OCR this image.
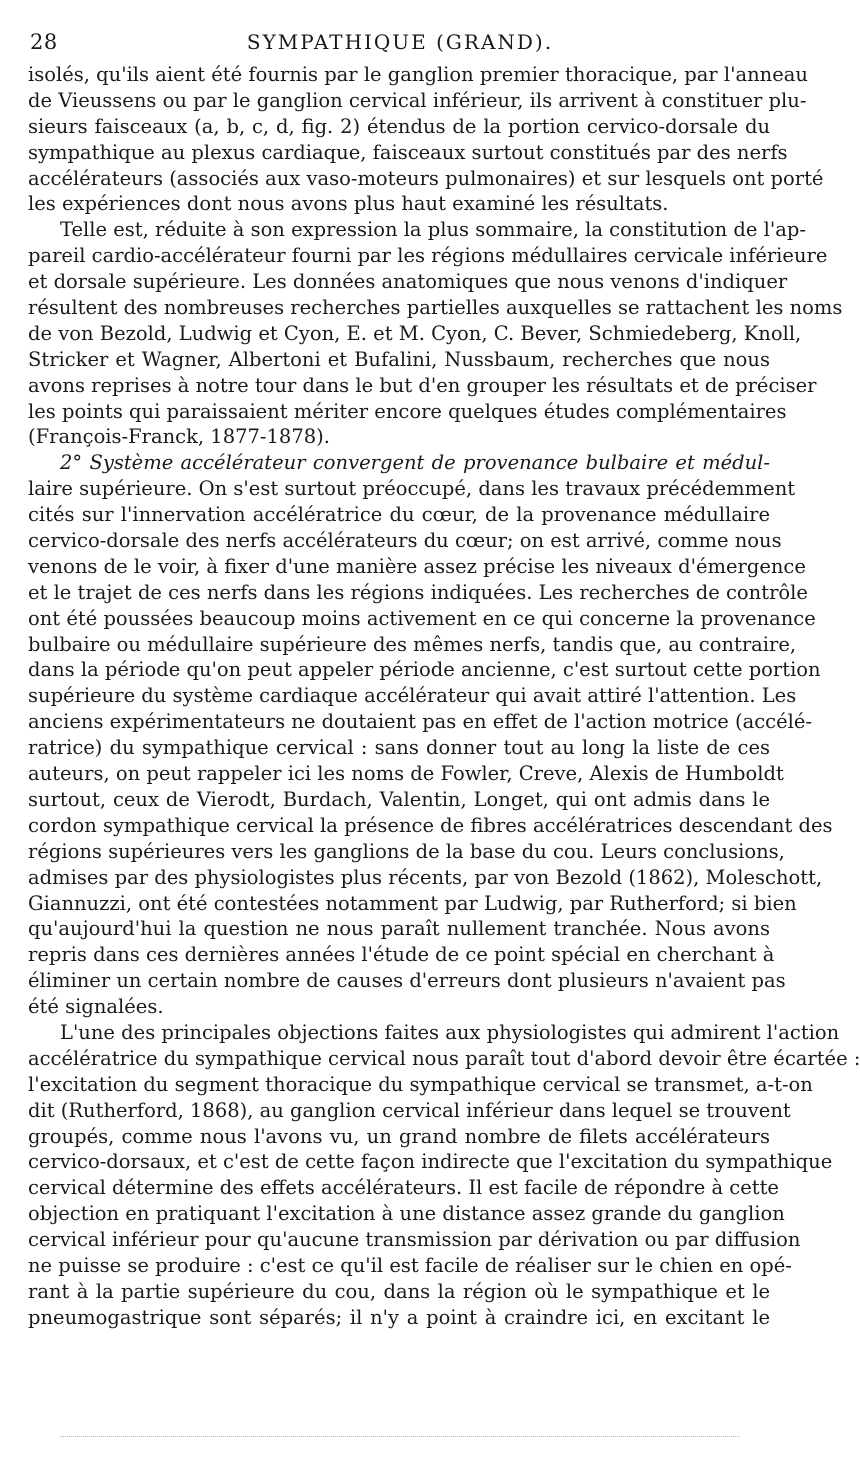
28	SYMPATHIQUE (GRAND).
isolés, qu'ils aient été fournis par le ganglion premier thoracique, par l'anneau
de Vieussens ou par le ganglion cervical inférieur, ils arrivent à constituer plu-
sieurs faisceaux (a, b, c, d, fig. 2) étendus de la portion cervico-dorsale du
sympathique au plexus cardiaque, faisceaux surtout constitués par des nerfs
accélérateurs (associés aux vaso-moteurs pulmonaires) et sur lesquels ont porté
les expériences dont nous avons plus haut examiné les résultats.
Telle est, réduite à son expression la plus sommaire, la constitution de l'ap-
pareil cardio-accélérateur fourni par les régions médullaires cervicale inférieure
et dorsale supérieure. Les données anatomiques que nous venons d'indiquer
résultent des nombreuses recherches partielles auxquelles se rattachent les noms
de von Bezold, Ludwig et Cyon, E. et M. Cyon, C. Bever, Schmiedeberg, Knoll,
Stricker et Wagner, Albertoni et Bufalini, Nussbaum, recherches que nous
avons reprises à notre tour dans le but d'en grouper les résultats et de préciser
les points qui paraissaient mériter encore quelques études complémentaires
(François-Franck, 1877-1878).
2° Système accélérateur convergent de provenance bulbaire et médul-
laire supérieure. On s'est surtout préoccupé, dans les travaux précédemment
cités sur l'innervation accélératrice du cœur, de la provenance médullaire
cervico-dorsale des nerfs accélérateurs du cœur; on est arrivé, comme nous
venons de le voir, à fixer d'une manière assez précise les niveaux d'émergence
et le trajet de ces nerfs dans les régions indiquées. Les recherches de contrôle
ont été poussées beaucoup moins activement en ce qui concerne la provenance
bulbaire ou médullaire supérieure des mêmes nerfs, tandis que, au contraire,
dans la période qu'on peut appeler période ancienne, c'est surtout cette portion
supérieure du système cardiaque accélérateur qui avait attiré l'attention. Les
anciens expérimentateurs ne doutaient pas en effet de l'action motrice (accélé-
ratrice) du sympathique cervical : sans donner tout au long la liste de ces
auteurs, on peut rappeler ici les noms de Fowler, Creve, Alexis de Humboldt
surtout, ceux de Vierodt, Burdach, Valentin, Longet, qui ont admis dans le
cordon sympathique cervical la présence de fibres accélératrices descendant des
régions supérieures vers les ganglions de la base du cou. Leurs conclusions,
admises par des physiologistes plus récents, par von Bezold (1862), Moleschott,
Giannuzzi, ont été contestées notamment par Ludwig, par Rutherford; si bien
qu'aujourd'hui la question ne nous paraît nullement tranchée. Nous avons
repris dans ces dernières années l'étude de ce point spécial en cherchant à
éliminer un certain nombre de causes d'erreurs dont plusieurs n'avaient pas
été signalées.
L'une des principales objections faites aux physiologistes qui admirent l'action
accélératrice du sympathique cervical nous paraît tout d'abord devoir être écartée :
l'excitation du segment thoracique du sympathique cervical se transmet, a-t-on
dit (Rutherford, 1868), au ganglion cervical inférieur dans lequel se trouvent
groupés, comme nous l'avons vu, un grand nombre de filets accélérateurs
cervico-dorsaux, et c'est de cette façon indirecte que l'excitation du sympathique
cervical détermine des effets accélérateurs. Il est facile de répondre à cette
objection en pratiquant l'excitation à une distance assez grande du ganglion
cervical inférieur pour qu'aucune transmission par dérivation ou par diffusion
ne puisse se produire : c'est ce qu'il est facile de réaliser sur le chien en opé-
rant à la partie supérieure du cou, dans la région où le sympathique et le
pneumogastrique sont séparés; il n'y a point à craindre ici, en excitant le
